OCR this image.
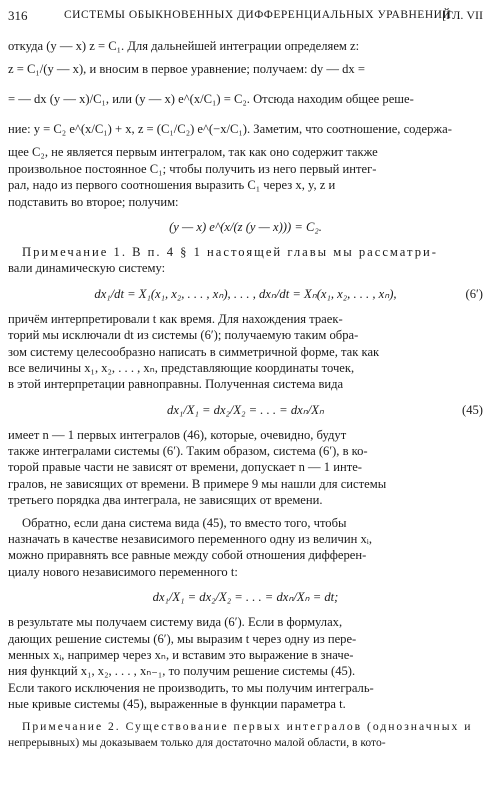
316	СИСТЕМЫ ОБЫКНОВЕННЫХ ДИФФЕРЕНЦИАЛЬНЫХ УРАВНЕНИЙ
[ГЛ. VII
откуда (y — x) z = C₁. Для дальнейшей интеграции определяем z:
z = C₁/(y — x), и вносим в первое уравнение; получаем: dy — dx =
= — dx (y — x)/C₁, или (y — x) e^(x/C₁) = C₂. Отсюда находим общее реше-
ние: y = C₂ e^(x/C₁) + x, z = (C₁/C₂) e^(−x/C₁). Заметим, что соотношение, содержа-
щее C₂, не является первым интегралом, так как оно содержит также
произвольное постоянное C₁; чтобы получить из него первый интег-
рал, надо из первого соотношения выразить C₁ через x, y, z и
подставить во второе; получим:
(y — x) e^(x/(z (y — x))) = C₂.
Примечание 1. В п. 4 § 1 настоящей главы мы рассматри-
вали динамическую систему:
dx₁/dt = X₁(x₁, x₂, . . . , xₙ), . . . , dxₙ/dt = Xₙ(x₁, x₂, . . . , xₙ),	(6′)
причём интерпретировали t как время. Для нахождения траек-
торий мы исключали dt из системы (6′); получаемую таким обра-
зом систему целесообразно написать в симметричной форме, так как
все величины x₁, x₂, . . . , xₙ, представляющие координаты точек,
в этой интерпретации равноправны. Полученная система вида
dx₁/X₁ = dx₂/X₂ = . . . = dxₙ/Xₙ	(45)
имеет n — 1 первых интегралов (46), которые, очевидно, будут
также интегралами системы (6′). Таким образом, система (6′), в ко-
торой правые части не зависят от времени, допускает n — 1 инте-
гралов, не зависящих от времени. В примере 9 мы нашли для системы
третьего порядка два интеграла, не зависящих от времени.
Обратно, если дана система вида (45), то вместо того, чтобы
назначать в качестве независимого переменного одну из величин xᵢ,
можно приравнять все равные между собой отношения дифферен-
циалу нового независимого переменного t:
dx₁/X₁ = dx₂/X₂ = . . . = dxₙ/Xₙ = dt;
в результате мы получаем систему вида (6′). Если в формулах,
дающих решение системы (6′), мы выразим t через одну из пере-
менных xᵢ, например через xₙ, и вставим это выражение в значе-
ния функций x₁, x₂, . . . , xₙ₋₁, то получим решение системы (45).
Если такого исключения не производить, то мы получим интеграль-
ные кривые системы (45), выраженные в функции параметра t.
Примечание 2. Существование первых интегралов (однозначных и
непрерывных) мы доказываем только для достаточно малой области, в кото-
